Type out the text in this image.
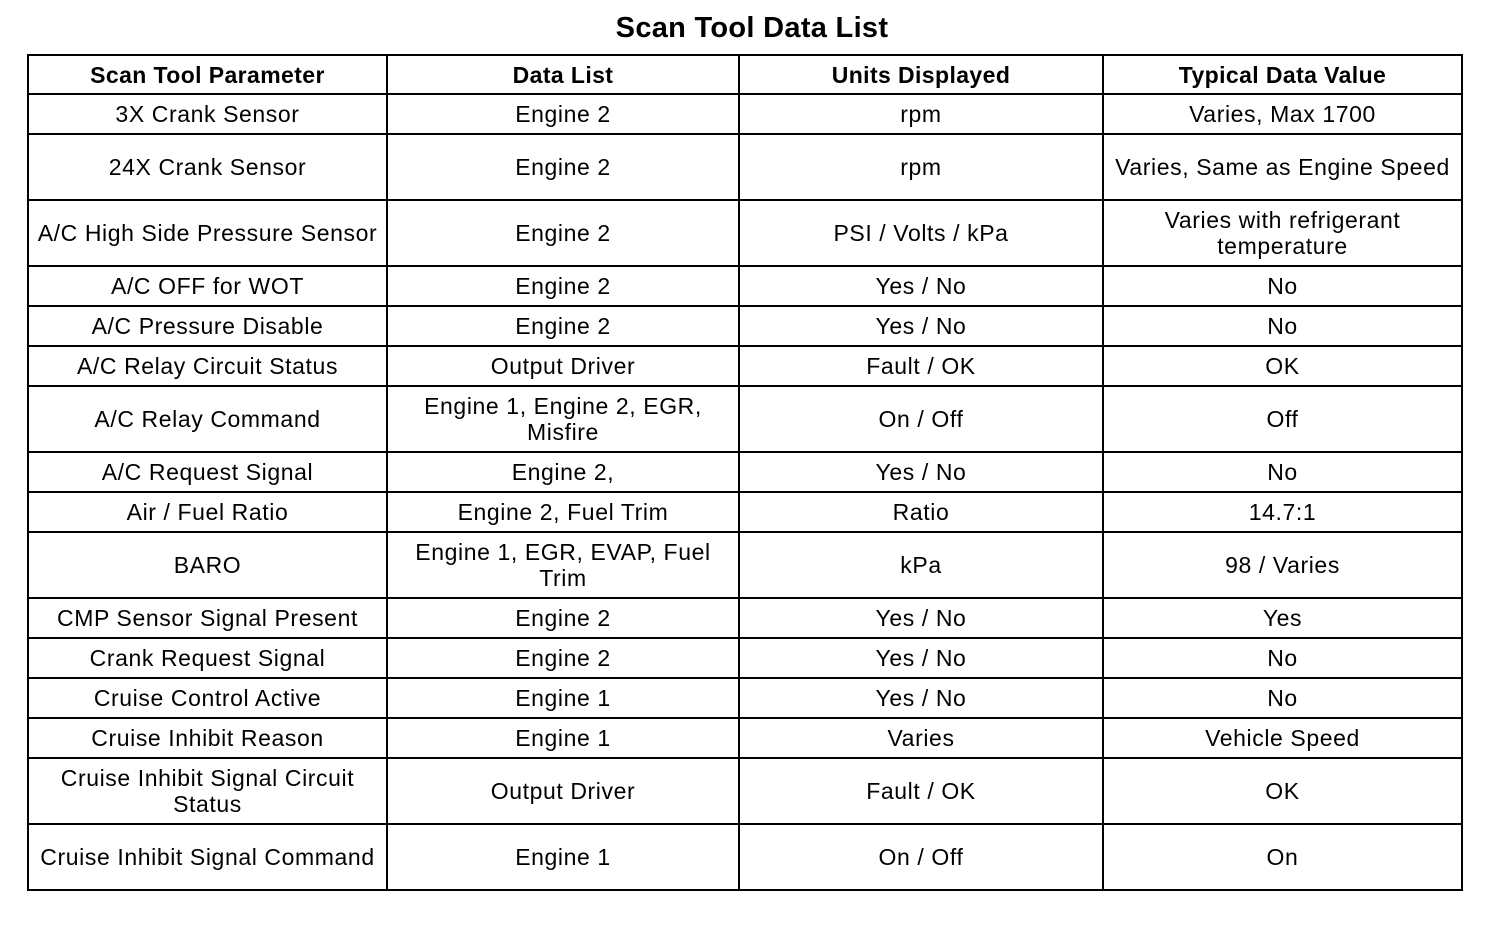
Scan Tool Data List
Scan Tool Parameter	Data List	Units Displayed	Typical Data Value
3X Crank Sensor	Engine 2	rpm	Varies, Max 1700
24X Crank Sensor	Engine 2	rpm	Varies, Same as Engine Speed
A/C High Side Pressure Sensor	Engine 2	PSI / Volts / kPa	Varies with refrigerant temperature
A/C OFF for WOT	Engine 2	Yes / No	No
A/C Pressure Disable	Engine 2	Yes / No	No
A/C Relay Circuit Status	Output Driver	Fault / OK	OK
A/C Relay Command	Engine 1, Engine 2, EGR, Misfire	On / Off	Off
A/C Request Signal	Engine 2,	Yes / No	No
Air / Fuel Ratio	Engine 2, Fuel Trim	Ratio	14.7:1
BARO	Engine 1, EGR, EVAP, Fuel Trim	kPa	98 / Varies
CMP Sensor Signal Present	Engine 2	Yes / No	Yes
Crank Request Signal	Engine 2	Yes / No	No
Cruise Control Active	Engine 1	Yes / No	No
Cruise Inhibit Reason	Engine 1	Varies	Vehicle Speed
Cruise Inhibit Signal Circuit Status	Output Driver	Fault / OK	OK
Cruise Inhibit Signal Command	Engine 1	On / Off	On
